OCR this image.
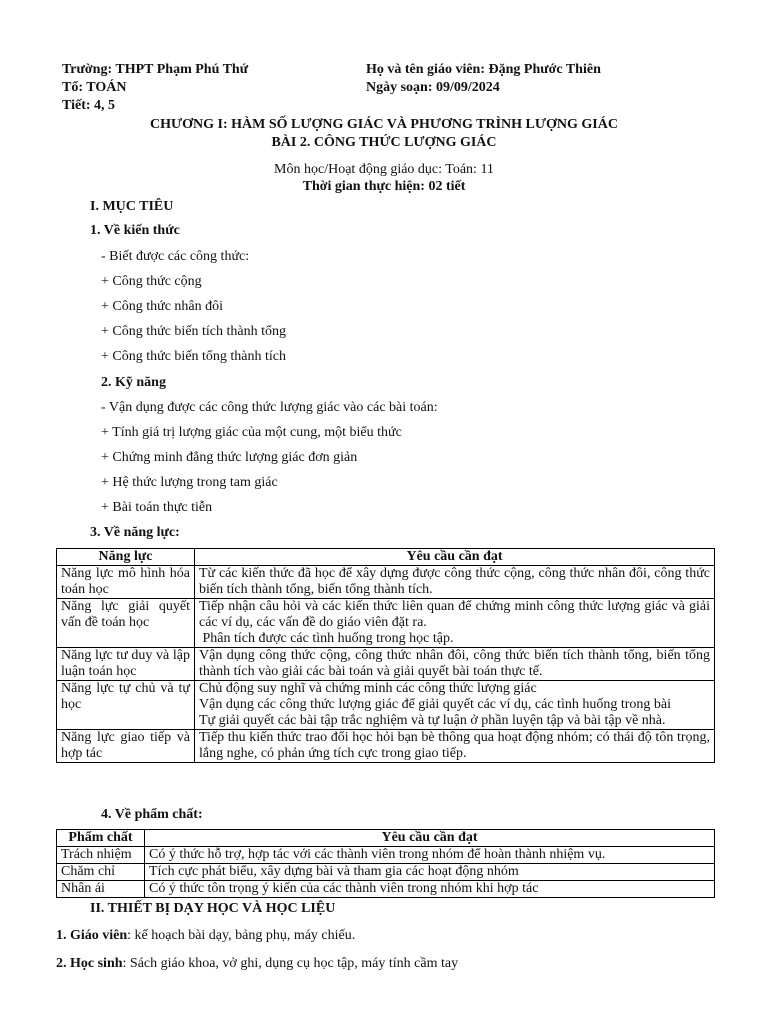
Trường: THPT Phạm Phú Thứ
Tổ: TOÁN
Tiết: 4, 5
Họ và tên giáo viên: Đặng Phước Thiên
Ngày soạn: 09/09/2024
CHƯƠNG I: HÀM SỐ LƯỢNG GIÁC VÀ PHƯƠNG TRÌNH LƯỢNG GIÁC
BÀI 2. CÔNG THỨC LƯỢNG GIÁC
Môn học/Hoạt động giáo dục: Toán: 11
Thời gian thực hiện: 02 tiết
I. MỤC TIÊU
1. Về kiến thức
- Biết được các công thức:
+ Công thức cộng
+ Công thức nhân đôi
+ Công thức biến tích thành tổng
+ Công thức biến tổng thành tích
2. Kỹ năng
- Vận dụng được các công thức lượng giác vào các bài toán:
+ Tính giá trị lượng giác của một cung, một biểu thức
+ Chứng minh đẳng thức lượng giác đơn giản
+ Hệ thức lượng trong tam giác
+ Bài toán thực tiễn
3. Về năng lực:
Năng lực	Yêu cầu cần đạt
Năng lực mô hình hóa toán học	Từ các kiến thức đã học để xây dựng được công thức cộng, công thức nhân đôi, công thức biến tích thành tổng, biến tổng thành tích.

Năng lực giải quyết vấn đề toán học	Tiếp nhận câu hỏi và các kiến thức liên quan để chứng minh công thức lượng giác và giải các ví dụ, các vấn đề do giáo viên đặt ra.
Phân tích được các tình huống trong học tập.

Năng lực tư duy và lập luận toán học	Vận dụng công thức cộng, công thức nhân đôi, công thức biến tích thành tổng, biến tổng thành tích vào giải các bài toán và giải quyết bài toán thực tế.

Năng lực tự chủ và tự học	Chủ động suy nghĩ và chứng minh các công thức lượng giác
Vận dụng các công thức lượng giác để giải quyết các ví dụ, các tình huống trong bài
Tự giải quyết các bài tập trắc nghiệm và tự luận ở phần luyện tập và bài tập về nhà.

Năng lực giao tiếp và hợp tác	Tiếp thu kiến thức trao đổi học hỏi bạn bè thông qua hoạt động nhóm; có thái độ tôn trọng, lắng nghe, có phản ứng tích cực trong giao tiếp.
4. Về phẩm chất:
Phẩm chất	Yêu cầu cần đạt
Trách nhiệm	Có ý thức hỗ trợ, hợp tác với các thành viên trong nhóm để hoàn thành nhiệm vụ.
Chăm chỉ	Tích cực phát biểu, xây dựng bài và tham gia các hoạt động nhóm
Nhân ái	Có ý thức tôn trọng ý kiến của các thành viên trong nhóm khi hợp tác
II. THIẾT BỊ DẠY HỌC VÀ HỌC LIỆU
1. Giáo viên: kế hoạch bài dạy, bảng phụ, máy chiếu.
2. Học sinh: Sách giáo khoa, vở ghi, dụng cụ học tập, máy tính cầm tay
